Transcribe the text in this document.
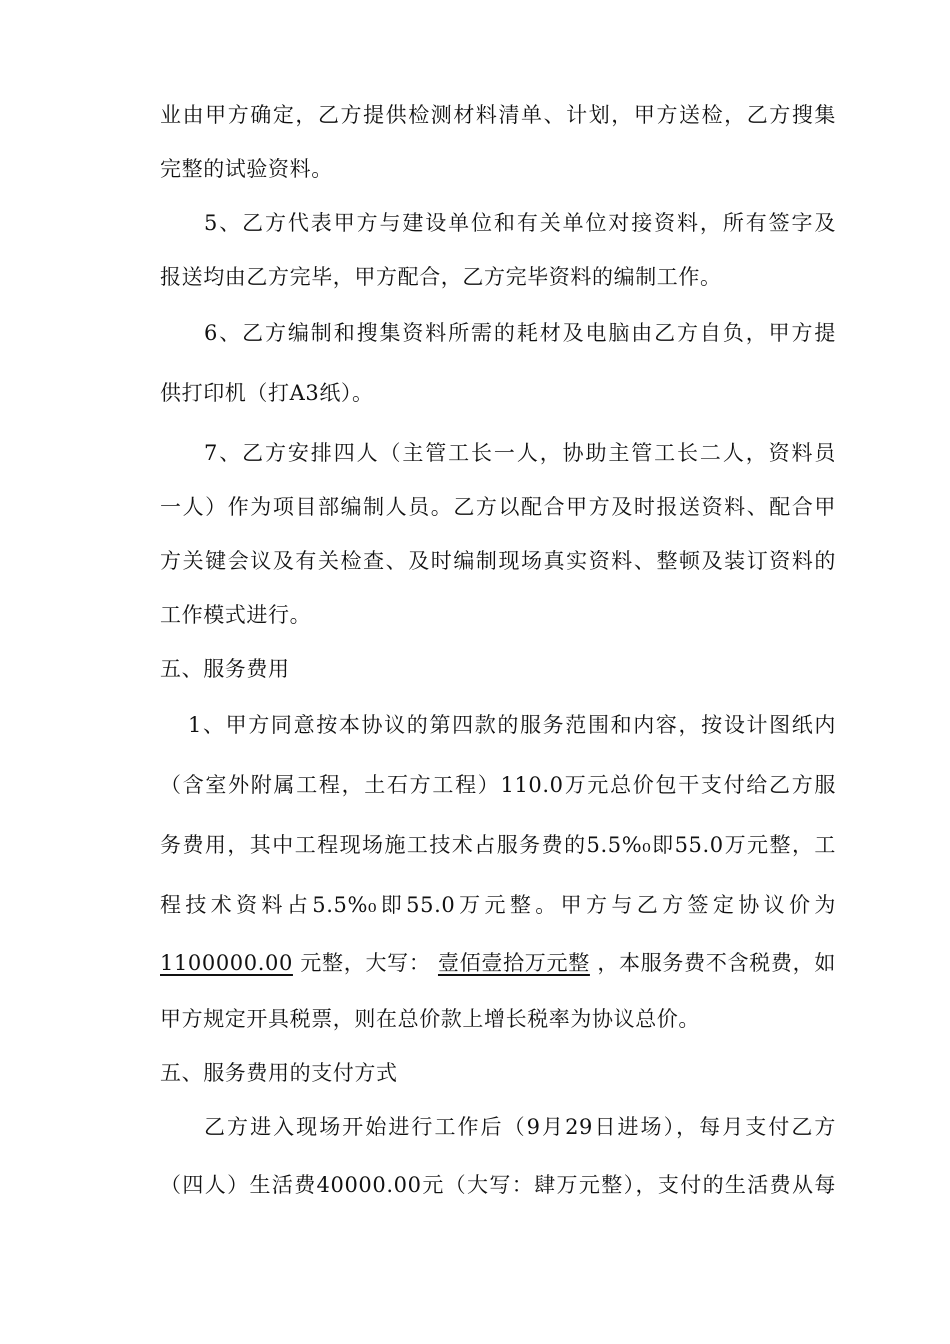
业由甲方确定，乙方提供检测材料清单、计划，甲方送检，乙方搜集
完整的试验资料。
5、乙方代表甲方与建设单位和有关单位对接资料，所有签字及
报送均由乙方完毕，甲方配合，乙方完毕资料的编制工作。
6、乙方编制和搜集资料所需的耗材及电脑由乙方自负，甲方提
供打印机（打A3纸）。
7、乙方安排四人（主管工长一人，协助主管工长二人，资料员
一人）作为项目部编制人员。乙方以配合甲方及时报送资料、配合甲
方关键会议及有关检查、及时编制现场真实资料、整顿及装订资料的
工作模式进行。
五、服务费用
1、甲方同意按本协议的第四款的服务范围和内容，按设计图纸内
（含室外附属工程，土石方工程）110.0万元总价包干支付给乙方服
务费用，其中工程现场施工技术占服务费的5.5%₀即55.0万元整，工
程技术资料占5.5%₀即55.0万元整。甲方与乙方签定协议价为
1100000.00 元整，大写： 壹佰壹拾万元整 ，本服务费不含税费，如
甲方规定开具税票，则在总价款上增长税率为协议总价。
五、服务费用的支付方式
乙方进入现场开始进行工作后（9月29日进场），每月支付乙方
（四人）生活费40000.00元（大写：肆万元整），支付的生活费从每
